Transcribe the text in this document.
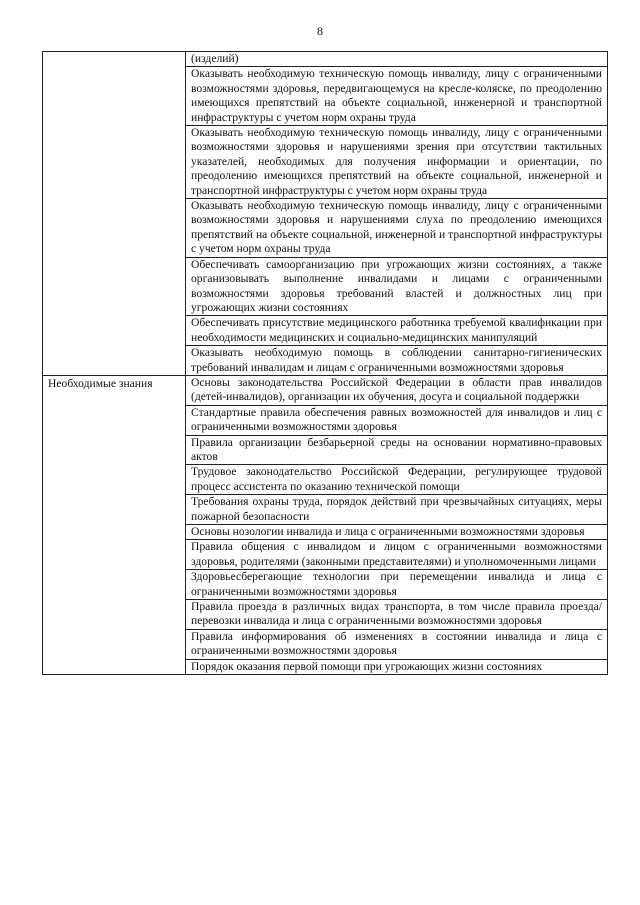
8
	(изделий)
	Оказывать необходимую техническую помощь инвалиду, лицу с ограниченными возможностями здоровья, передвигающемуся на кресле-коляске, по преодолению имеющихся препятствий на объекте социальной, инженерной и транспортной инфраструктуры с учетом норм охраны труда
	Оказывать необходимую техническую помощь инвалиду, лицу с ограниченными возможностями здоровья и нарушениями зрения при отсутствии тактильных указателей, необходимых для получения информации и ориентации, по преодолению имеющихся препятствий на объекте социальной, инженерной и транспортной инфраструктуры с учетом норм охраны труда
	Оказывать необходимую техническую помощь инвалиду, лицу с ограниченными возможностями здоровья и нарушениями слуха по преодолению имеющихся препятствий на объекте социальной, инженерной и транспортной инфраструктуры с учетом норм охраны труда
	Обеспечивать самоорганизацию при угрожающих жизни состояниях, а также организовывать выполнение инвалидами и лицами с ограниченными возможностями здоровья требований властей и должностных лиц при угрожающих жизни состояниях
	Обеспечивать присутствие медицинского работника требуемой квалификации при необходимости медицинских и социально-медицинских манипуляций
	Оказывать необходимую помощь в соблюдении санитарно-гигиенических требований инвалидам и лицам с ограниченными возможностями здоровья

Необходимые знания	Основы законодательства Российской Федерации в области прав инвалидов (детей-инвалидов), организации их обучения, досуга и социальной поддержки
	Стандартные правила обеспечения равных возможностей для инвалидов и лиц с ограниченными возможностями здоровья
	Правила организации безбарьерной среды на основании нормативно-правовых актов
	Трудовое законодательство Российской Федерации, регулирующее трудовой процесс ассистента по оказанию технической помощи
	Требования охраны труда, порядок действий при чрезвычайных ситуациях, меры пожарной безопасности
	Основы нозологии инвалида и лица с ограниченными возможностями здоровья
	Правила общения с инвалидом и лицом с ограниченными возможностями здоровья, родителями (законными представителями) и уполномоченными лицами
	Здоровьесберегающие технологии при перемещении инвалида и лица с ограниченными возможностями здоровья
	Правила проезда в различных видах транспорта, в том числе правила проезда/перевозки инвалида и лица с ограниченными возможностями здоровья
	Правила информирования об изменениях в состоянии инвалида и лица с ограниченными возможностями здоровья
	Порядок оказания первой помощи при угрожающих жизни состояниях
